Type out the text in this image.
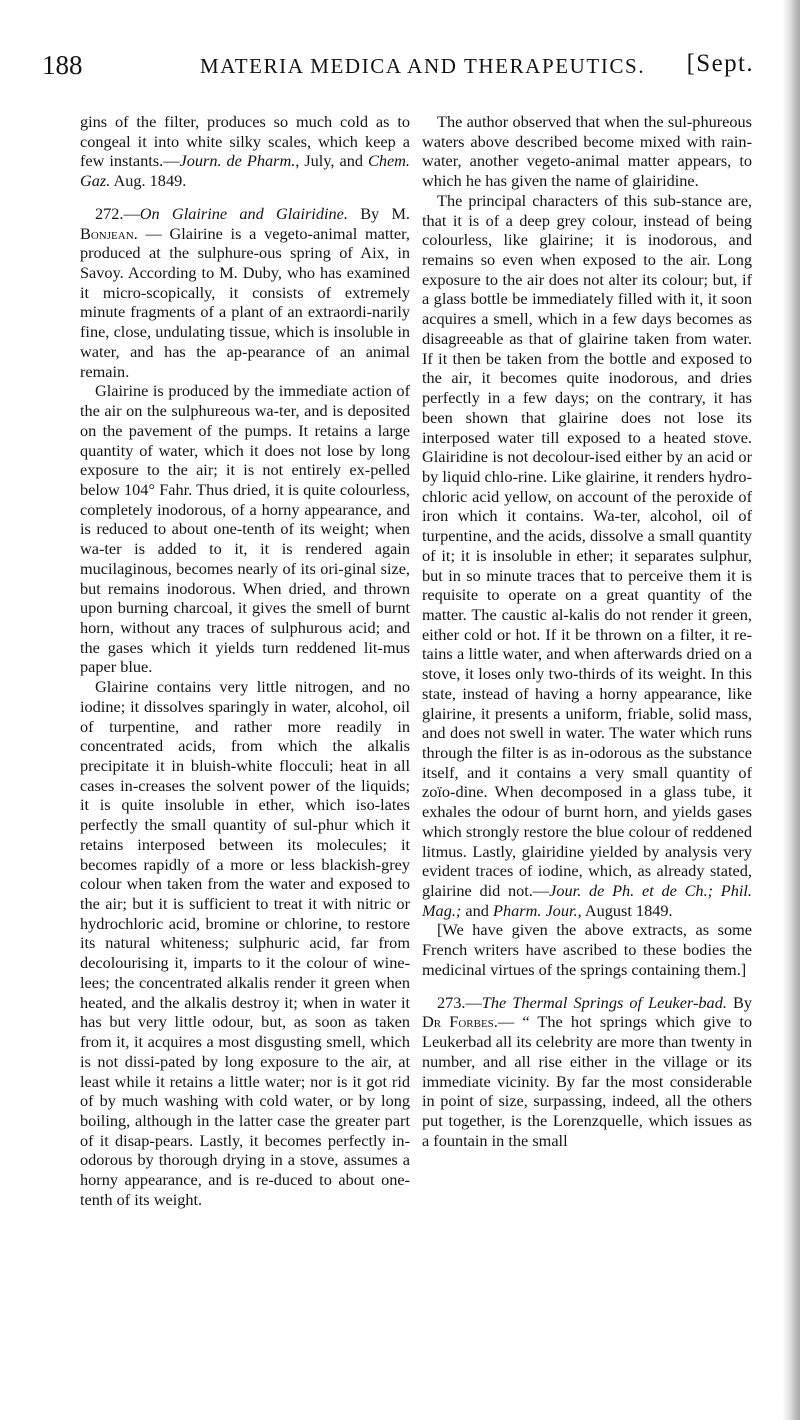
188	MATERIA MEDICA AND THERAPEUTICS. [Sept.

gins of the filter, produces so much cold as to congeal it into white silky scales, which keep a few instants.—Journ. de Pharm., July, and Chem. Gaz. Aug. 1849.

272.—On Glairine and Glairidine. By M. Bonjean. — Glairine is a vegeto-animal matter, produced at the sulphure-ous spring of Aix, in Savoy. According to M. Duby, who has examined it micro-scopically, it consists of extremely minute fragments of a plant of an extraordi-narily fine, close, undulating tissue, which is insoluble in water, and has the ap-pearance of an animal remain.

Glairine is produced by the immediate action of the air on the sulphureous wa-ter, and is deposited on the pavement of the pumps. It retains a large quantity of water, which it does not lose by long exposure to the air; it is not entirely ex-pelled below 104° Fahr. Thus dried, it is quite colourless, completely inodorous, of a horny appearance, and is reduced to about one-tenth of its weight; when wa-ter is added to it, it is rendered again mucilaginous, becomes nearly of its ori-ginal size, but remains inodorous. When dried, and thrown upon burning charcoal, it gives the smell of burnt horn, without any traces of sulphurous acid; and the gases which it yields turn reddened lit-mus paper blue.

Glairine contains very little nitrogen, and no iodine; it dissolves sparingly in water, alcohol, oil of turpentine, and rather more readily in concentrated acids, from which the alkalis precipitate it in bluish-white flocculi; heat in all cases in-creases the solvent power of the liquids; it is quite insoluble in ether, which iso-lates perfectly the small quantity of sul-phur which it retains interposed between its molecules; it becomes rapidly of a more or less blackish-grey colour when taken from the water and exposed to the air; but it is sufficient to treat it with nitric or hydrochloric acid, bromine or chlorine, to restore its natural whiteness; sulphuric acid, far from decolourising it, imparts to it the colour of wine-lees; the concentrated alkalis render it green when heated, and the alkalis destroy it; when in water it has but very little odour, but, as soon as taken from it, it acquires a most disgusting smell, which is not dissi-pated by long exposure to the air, at least while it retains a little water; nor is it got rid of by much washing with cold water, or by long boiling, although in the latter case the greater part of it disap-pears. Lastly, it becomes perfectly in-odorous by thorough drying in a stove, assumes a horny appearance, and is re-duced to about one-tenth of its weight.

The author observed that when the sul-phureous waters above described become mixed with rain-water, another vegeto-animal matter appears, to which he has given the name of glairidine.

The principal characters of this sub-stance are, that it is of a deep grey colour, instead of being colourless, like glairine; it is inodorous, and remains so even when exposed to the air. Long exposure to the air does not alter its colour; but, if a glass bottle be immediately filled with it, it soon acquires a smell, which in a few days becomes as disagreeable as that of glairine taken from water. If it then be taken from the bottle and exposed to the air, it becomes quite inodorous, and dries perfectly in a few days; on the contrary, it has been shown that glairine does not lose its interposed water till exposed to a heated stove. Glairidine is not decolour-ised either by an acid or by liquid chlo-rine. Like glairine, it renders hydro-chloric acid yellow, on account of the peroxide of iron which it contains. Wa-ter, alcohol, oil of turpentine, and the acids, dissolve a small quantity of it; it is insoluble in ether; it separates sulphur, but in so minute traces that to perceive them it is requisite to operate on a great quantity of the matter. The caustic al-kalis do not render it green, either cold or hot. If it be thrown on a filter, it re-tains a little water, and when afterwards dried on a stove, it loses only two-thirds of its weight. In this state, instead of having a horny appearance, like glairine, it presents a uniform, friable, solid mass, and does not swell in water. The water which runs through the filter is as in-odorous as the substance itself, and it contains a very small quantity of zoïo-dine. When decomposed in a glass tube, it exhales the odour of burnt horn, and yields gases which strongly restore the blue colour of reddened litmus. Lastly, glairidine yielded by analysis very evident traces of iodine, which, as already stated, glairine did not.—Jour. de Ph. et de Ch.; Phil. Mag.; and Pharm. Jour., August 1849.

[We have given the above extracts, as some French writers have ascribed to these bodies the medicinal virtues of the springs containing them.]

273.—The Thermal Springs of Leuker-bad. By Dr Forbes.— “ The hot springs which give to Leukerbad all its celebrity are more than twenty in number, and all rise either in the village or its immediate vicinity. By far the most considerable in point of size, surpassing, indeed, all the others put together, is the Lorenzquelle, which issues as a fountain in the small
